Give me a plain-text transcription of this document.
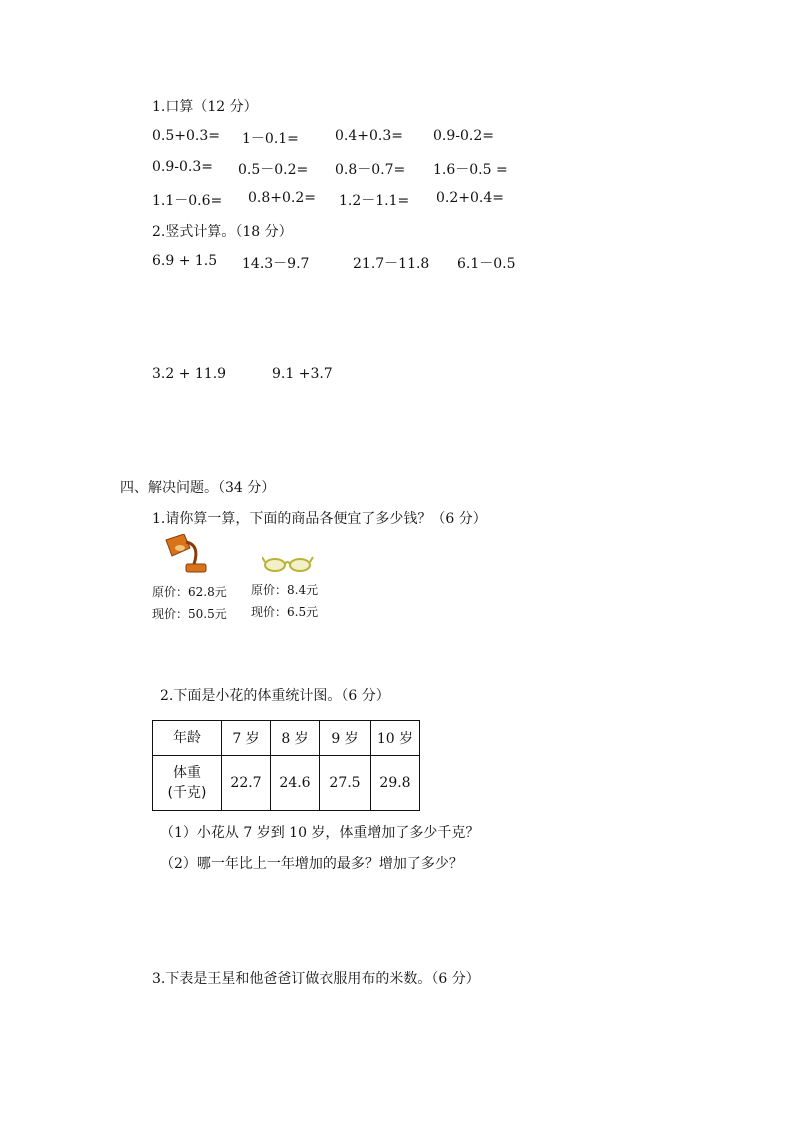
1.口算（12 分）
0.5+0.3= 1－0.1=	0.4+0.3= 0.9-0.2=
0.9-0.3= 0.5－0.2= 0.8－0.7= 1.6－0.5 =
1.1－0.6= 0.8+0.2= 1.2－1.1= 0.2+0.4=
2.竖式计算。（18 分）
6.9 + 1.5 14.3－9.7	21.7－11.8 6.1－0.5
3.2 + 11.9	9.1 +3.7
四、解决问题。（34 分）
1.请你算一算，下面的商品各便宜了多少钱？（6 分）
原价：62.8元
现价：50.5元
原价：8.4元
现价：6.5元
2.下面是小花的体重统计图。（6 分）
年龄	7 岁	8 岁	9 岁	10 岁

体重
(千克)	22.7	24.6	27.5	29.8
（1）小花从 7 岁到 10 岁，体重增加了多少千克？
（2）哪一年比上一年增加的最多？增加了多少？
3.下表是王星和他爸爸订做衣服用布的米数。（6 分）
